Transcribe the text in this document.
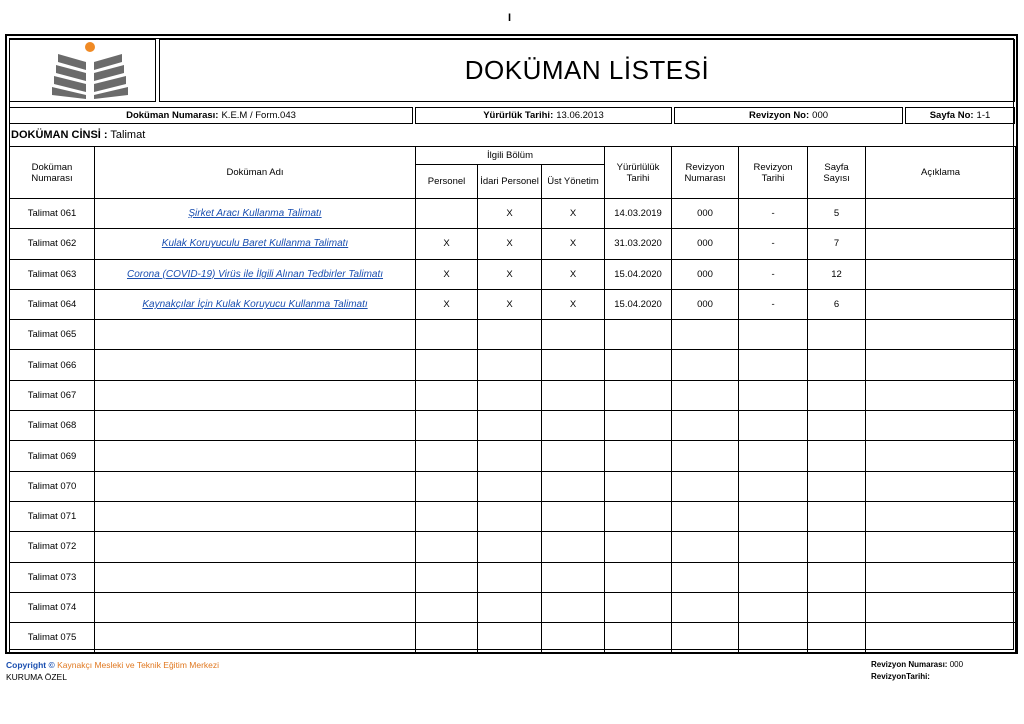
I
DOKÜMAN LİSTESİ
Doküman Numarası: K.E.M / Form.043	Yürürlük Tarihi: 13.06.2013	Revizyon No: 000	Sayfa No: 1-1
DOKÜMAN CİNSİ : Talimat
Doküman Numarası	Doküman Adı	İlgili Bölüm			Yürürlülük Tarihi	Revizyon Numarası	Revizyon Tarihi	Sayfa Sayısı	Açıklama
		Personel	İdari Personel	Üst Yönetim					
Talimat 061	Şirket Aracı Kullanma Talimatı		X	X	14.03.2019	000	-	5	
Talimat 062	Kulak Koruyuculu Baret Kullanma Talimatı	X	X	X	31.03.2020	000	-	7	
Talimat 063	Corona (COVID-19) Virüs ile İlgili Alınan Tedbirler Talimatı	X	X	X	15.04.2020	000	-	12	
Talimat 064	Kaynakçılar İçin Kulak Koruyucu Kullanma Talimatı	X	X	X	15.04.2020	000	-	6	
Talimat 065									
Talimat 066									
Talimat 067									
Talimat 068									
Talimat 069									
Talimat 070									
Talimat 071									
Talimat 072									
Talimat 073									
Talimat 074									
Talimat 075									
Copyright © Kaynakçı Mesleki ve Teknik Eğitim Merkezi
KURUMA ÖZEL
Revizyon Numarası: 000
RevizyonTarihi:
